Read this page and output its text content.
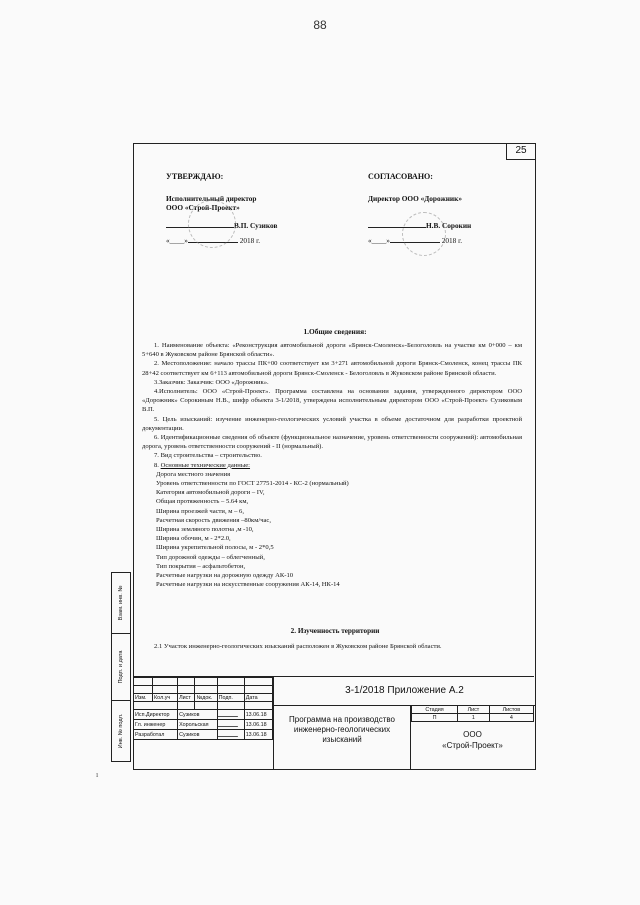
88
25
УТВЕРЖДАЮ:
Исполнительный директор
ООО «Строй-Проект»
В.П. Сузиков
«____»	2018 г.
СОГЛАСОВАНО:
Директор ООО «Дорожник»
Н.В. Сорокин
«____»	2018 г.
1.Общие сведения:

1. Наименование объекта: «Реконструкция автомобильной дороги «Брянск-Смоленск»-Белоголовль на участке км 0+000 – км 5+640 в Жуковском районе Брянской области».

2. Местоположение: начало трассы ПК+00 соответствует км 3+271 автомобильной дороги Брянск-Смоленск, конец трассы ПК 28+42 соответствует км 6+113 автомобильной дороги Брянск-Смоленск - Белоголовль в Жуковском районе Брянской области.

3.Заказчик: Заказчик: ООО «Дорожник».

4.Исполнитель: ООО «Строй-Проект». Программа составлена на основании задания, утвержденного директором ООО «Дорожник» Сорокиным Н.В., шифр объекта 3-1/2018, утверждена исполнительным директором ООО «Строй-Проект» Сузиковым В.П.

5. Цель изысканий: изучение инженерно-геологических условий участка в объеме достаточном для разработки проектной документации.

6. Идентификационные сведения об объекте (функциональное назначение, уровень ответственности сооружений): автомобильная дорога, уровень ответственности сооружений - II (нормальный).

7. Вид строительства – строительство.

8. Основные технические данные:

Дорога местного значения
Уровень ответственности по ГОСТ 27751-2014 - КС-2 (нормальный)
Категория автомобильной дороги – IV,
Общая протяженность – 5.64 км,
Ширина проезжей части, м – 6,
Расчетная скорость движения –80км/час,
Ширина земляного полотна ,м -10,
Ширина обочин, м - 2*2.0,
Ширина укрепительной полосы, м - 2*0,5
Тип дорожной одежды – облегченный,
Тип покрытия – асфальтобетон,
Расчетные нагрузки на дорожную одежду АК-10
Расчетные нагрузки на искусственные сооружения АК-14, НК-14
2. Изученность территории

2.1 Участок инженерно-геологических изысканий расположен в Жуковском районе Брянской области.

Взам. инв. №
Подп. и дата
Инв. № подл.

Изм.	Кол.уч	Лист	№док.	Подп.	Дата

Исп.Директор		Сузиков			13.06.18
Гл. инженер		Хорольская			13.06.18
Разработал		Сузиков			13.06.18
3-1/2018 Приложение А.2
Программа на производство инженерно-геологических изысканий
Стадия	Лист	Листов
П	1	4
ООО
«Строй-Проект»
ı
